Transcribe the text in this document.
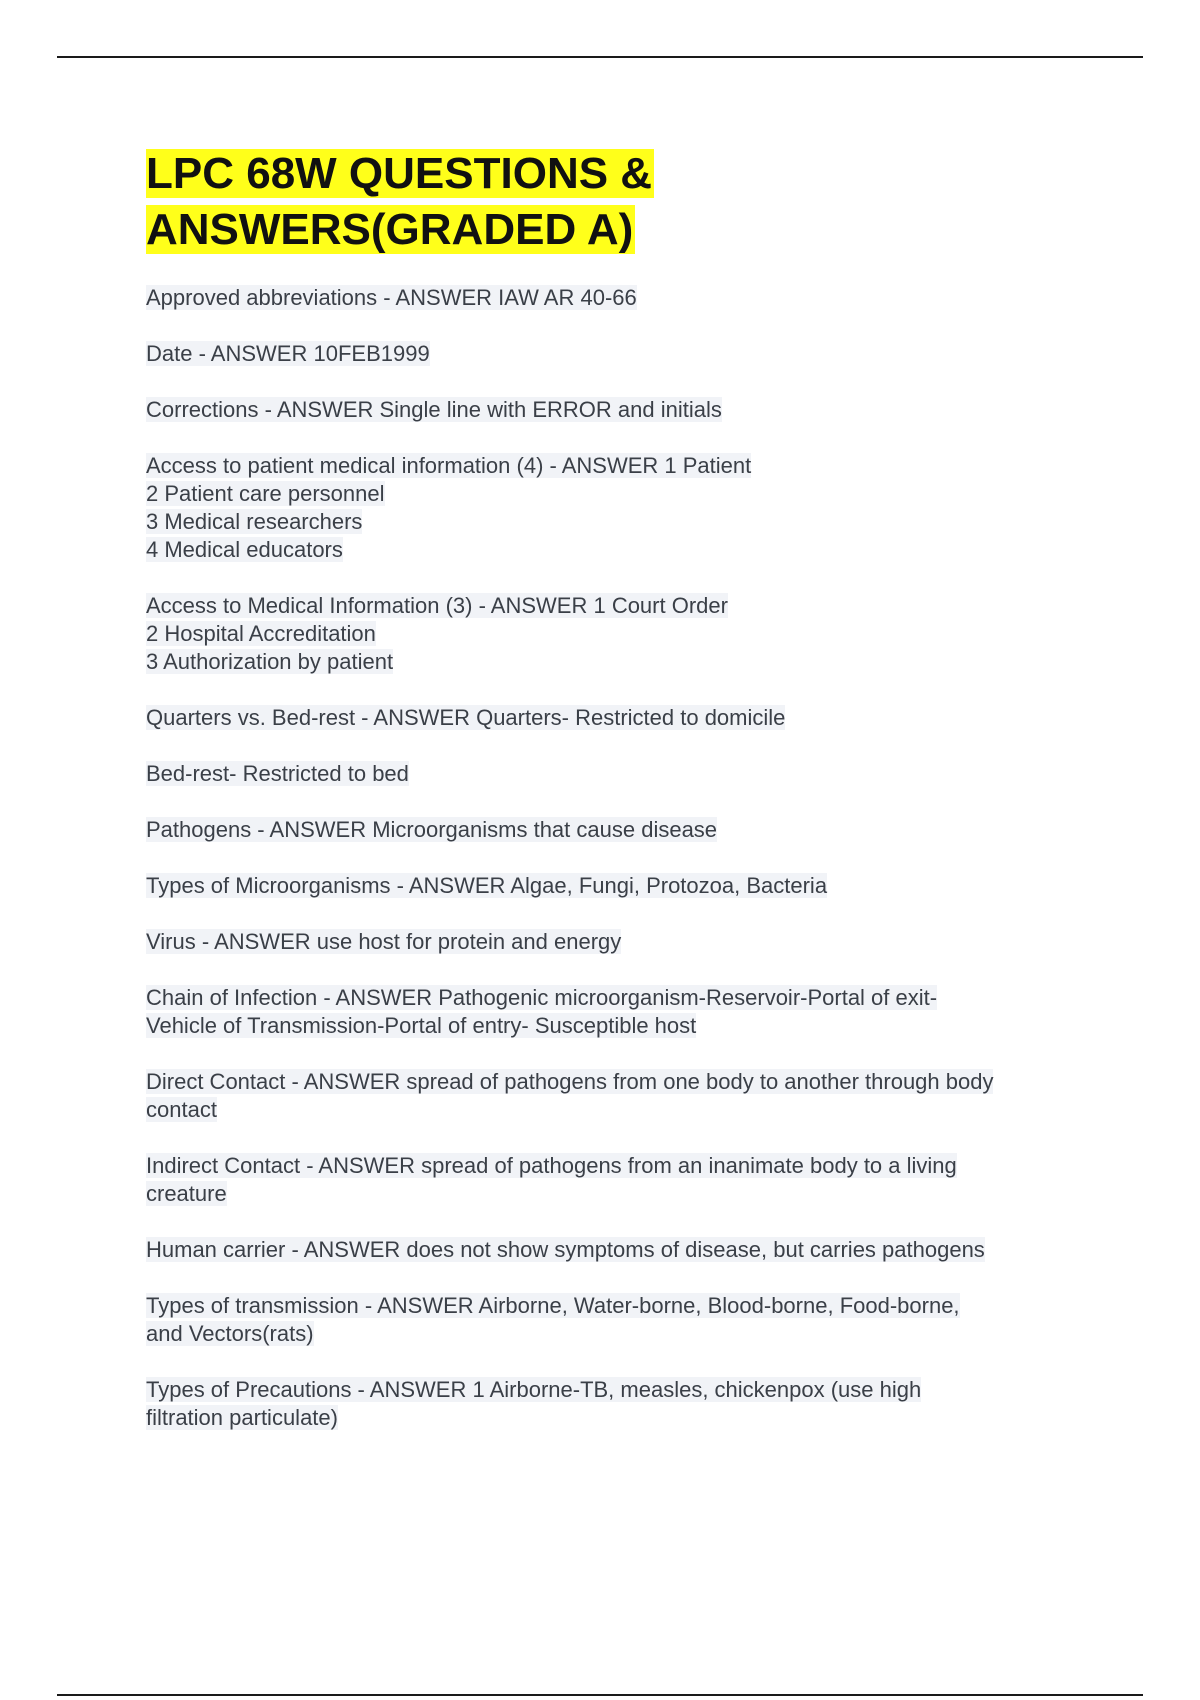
LPC 68W QUESTIONS &
ANSWERS(GRADED A)
Approved abbreviations - ANSWER IAW AR 40-66
Date - ANSWER 10FEB1999
Corrections - ANSWER Single line with ERROR and initials
Access to patient medical information (4) - ANSWER 1 Patient
2 Patient care personnel
3 Medical researchers
4 Medical educators
Access to Medical Information (3) - ANSWER 1 Court Order
2 Hospital Accreditation
3 Authorization by patient
Quarters vs. Bed-rest - ANSWER Quarters- Restricted to domicile
Bed-rest- Restricted to bed
Pathogens - ANSWER Microorganisms that cause disease
Types of Microorganisms - ANSWER Algae, Fungi, Protozoa, Bacteria
Virus - ANSWER use host for protein and energy
Chain of Infection - ANSWER Pathogenic microorganism-Reservoir-Portal of exit-
Vehicle of Transmission-Portal of entry- Susceptible host
Direct Contact - ANSWER spread of pathogens from one body to another through body
contact
Indirect Contact - ANSWER spread of pathogens from an inanimate body to a living
creature
Human carrier - ANSWER does not show symptoms of disease, but carries pathogens
Types of transmission - ANSWER Airborne, Water-borne, Blood-borne, Food-borne,
and Vectors(rats)
Types of Precautions - ANSWER 1 Airborne-TB, measles, chickenpox (use high
filtration particulate)
